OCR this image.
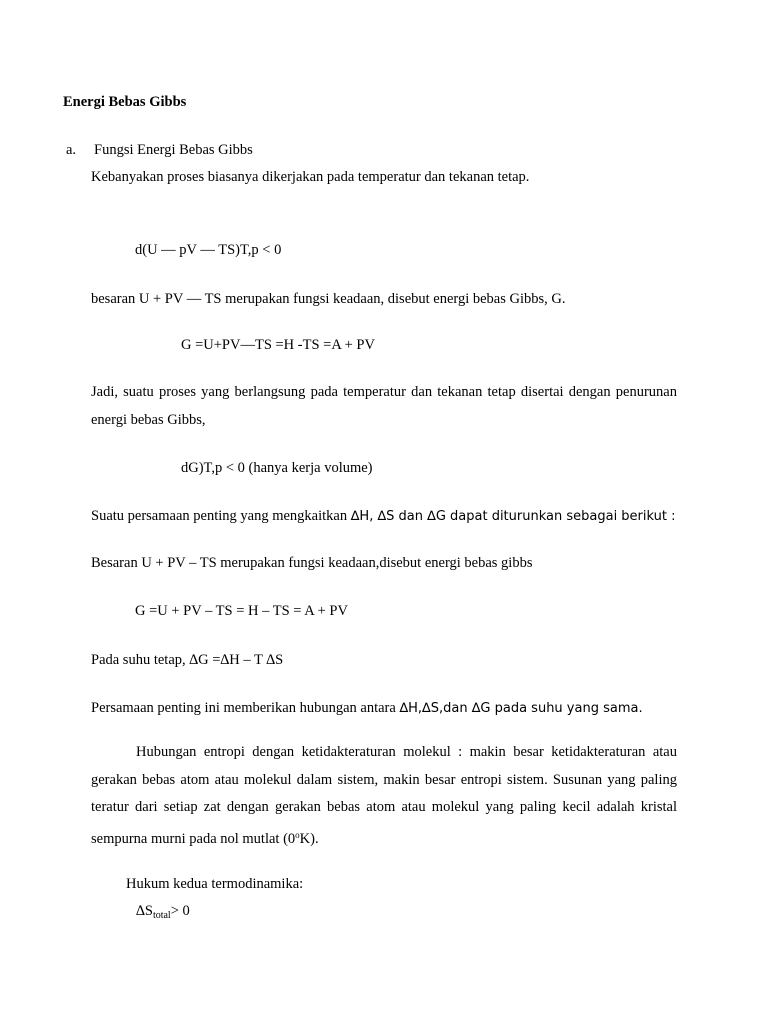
Energi Bebas Gibbs
a. Fungsi Energi Bebas Gibbs
Kebanyakan proses biasanya dikerjakan pada temperatur dan tekanan tetap.
d(U — pV — TS)T,p < 0
besaran U + PV — TS merupakan fungsi keadaan, disebut energi bebas Gibbs, G.
G =U+PV—TS =H -TS =A + PV
Jadi, suatu proses yang berlangsung pada temperatur dan tekanan tetap disertai dengan penurunan energi bebas Gibbs,
dG)T,p < 0 (hanya kerja volume)
Suatu persamaan penting yang mengkaitkan ∆H, ∆S dan ∆G dapat diturunkan sebagai berikut :
Besaran U + PV – TS merupakan fungsi keadaan,disebut energi bebas gibbs
G =U + PV – TS = H – TS = A + PV
Pada suhu tetap, ∆G =∆H – T ∆S
Persamaan penting ini memberikan hubungan antara ∆H,∆S,dan ∆G pada suhu yang sama.
Hubungan entropi dengan ketidakteraturan molekul : makin besar ketidakteraturan atau gerakan bebas atom atau molekul dalam sistem, makin besar entropi sistem. Susunan yang paling teratur dari setiap zat dengan gerakan bebas atom atau molekul yang paling kecil adalah kristal sempurna murni pada nol mutlat (0$^o$K).
Hukum kedua termodinamika:
$\Delta S_{total}> 0$
